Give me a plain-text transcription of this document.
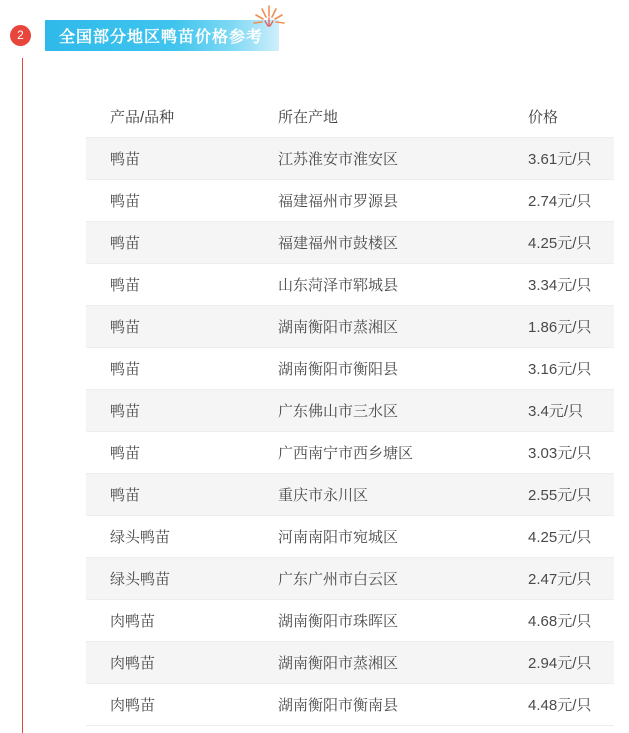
2	全国部分地区鸭苗价格参考
产品/品种	所在产地	价格
鸭苗	江苏淮安市淮安区	3.61元/只
鸭苗	福建福州市罗源县	2.74元/只
鸭苗	福建福州市鼓楼区	4.25元/只
鸭苗	山东菏泽市郓城县	3.34元/只
鸭苗	湖南衡阳市蒸湘区	1.86元/只
鸭苗	湖南衡阳市衡阳县	3.16元/只
鸭苗	广东佛山市三水区	3.4元/只
鸭苗	广西南宁市西乡塘区	3.03元/只
鸭苗	重庆市永川区	2.55元/只
绿头鸭苗	河南南阳市宛城区	4.25元/只
绿头鸭苗	广东广州市白云区	2.47元/只
肉鸭苗	湖南衡阳市珠晖区	4.68元/只
肉鸭苗	湖南衡阳市蒸湘区	2.94元/只
肉鸭苗	湖南衡阳市衡南县	4.48元/只
